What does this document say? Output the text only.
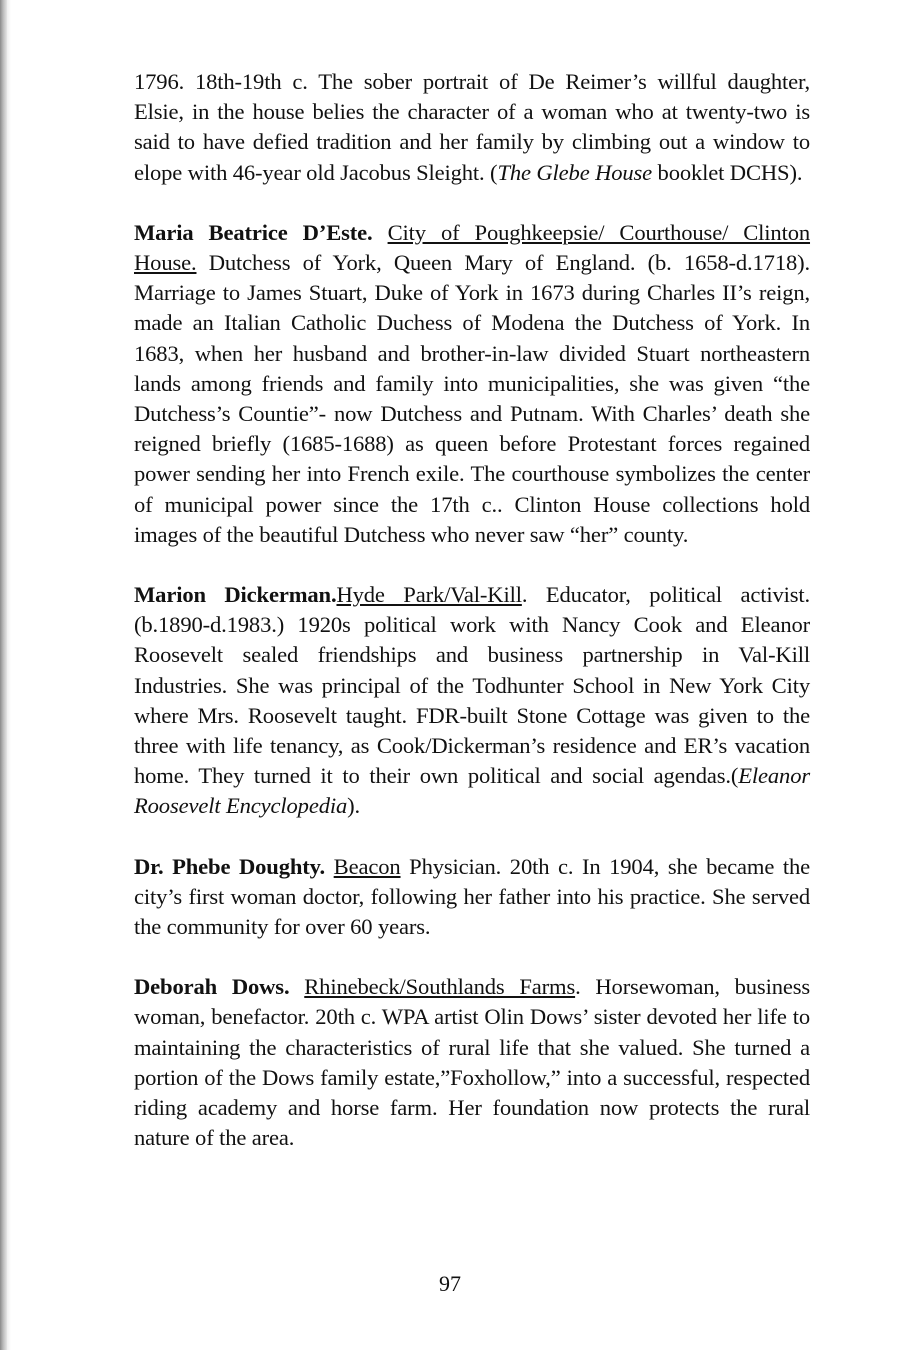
1796. 18th-19th c. The sober portrait of De Reimer’s willful daughter, Elsie, in the house belies the character of a woman who at twenty-two is said to have defied tradition and her family by climbing out a window to elope with 46-year old Jacobus Sleight. (The Glebe House booklet DCHS).

Maria Beatrice D’Este. City of Poughkeepsie/ Courthouse/ Clinton House. Dutchess of York, Queen Mary of England. (b. 1658-d.1718). Marriage to James Stuart, Duke of York in 1673 during Charles II’s reign, made an Italian Catholic Duchess of Modena the Dutchess of York. In 1683, when her husband and brother-in-law divided Stuart northeastern lands among friends and family into municipalities, she was given “the Dutchess’s Countie”- now Dutchess and Putnam. With Charles’ death she reigned briefly (1685-1688) as queen before Protestant forces regained power sending her into French exile. The courthouse symbolizes the center of municipal power since the 17th c.. Clinton House collections hold images of the beautiful Dutchess who never saw “her” county.

Marion Dickerman.Hyde Park/Val-Kill. Educator, political activist.(b.1890-d.1983.) 1920s political work with Nancy Cook and Eleanor Roosevelt sealed friendships and business partnership in Val-Kill Industries. She was principal of the Todhunter School in New York City where Mrs. Roosevelt taught. FDR-built Stone Cottage was given to the three with life tenancy, as Cook/Dickerman’s residence and ER’s vacation home. They turned it to their own political and social agendas.(Eleanor Roosevelt Encyclopedia).

Dr. Phebe Doughty. Beacon Physician. 20th c. In 1904, she became the city’s first woman doctor, following her father into his practice. She served the community for over 60 years.

Deborah Dows. Rhinebeck/Southlands Farms. Horsewoman, business woman, benefactor. 20th c. WPA artist Olin Dows’ sister devoted her life to maintaining the characteristics of rural life that she valued. She turned a portion of the Dows family estate,”Foxhollow,” into a successful, respected riding academy and horse farm. Her foundation now protects the rural nature of the area.

97
